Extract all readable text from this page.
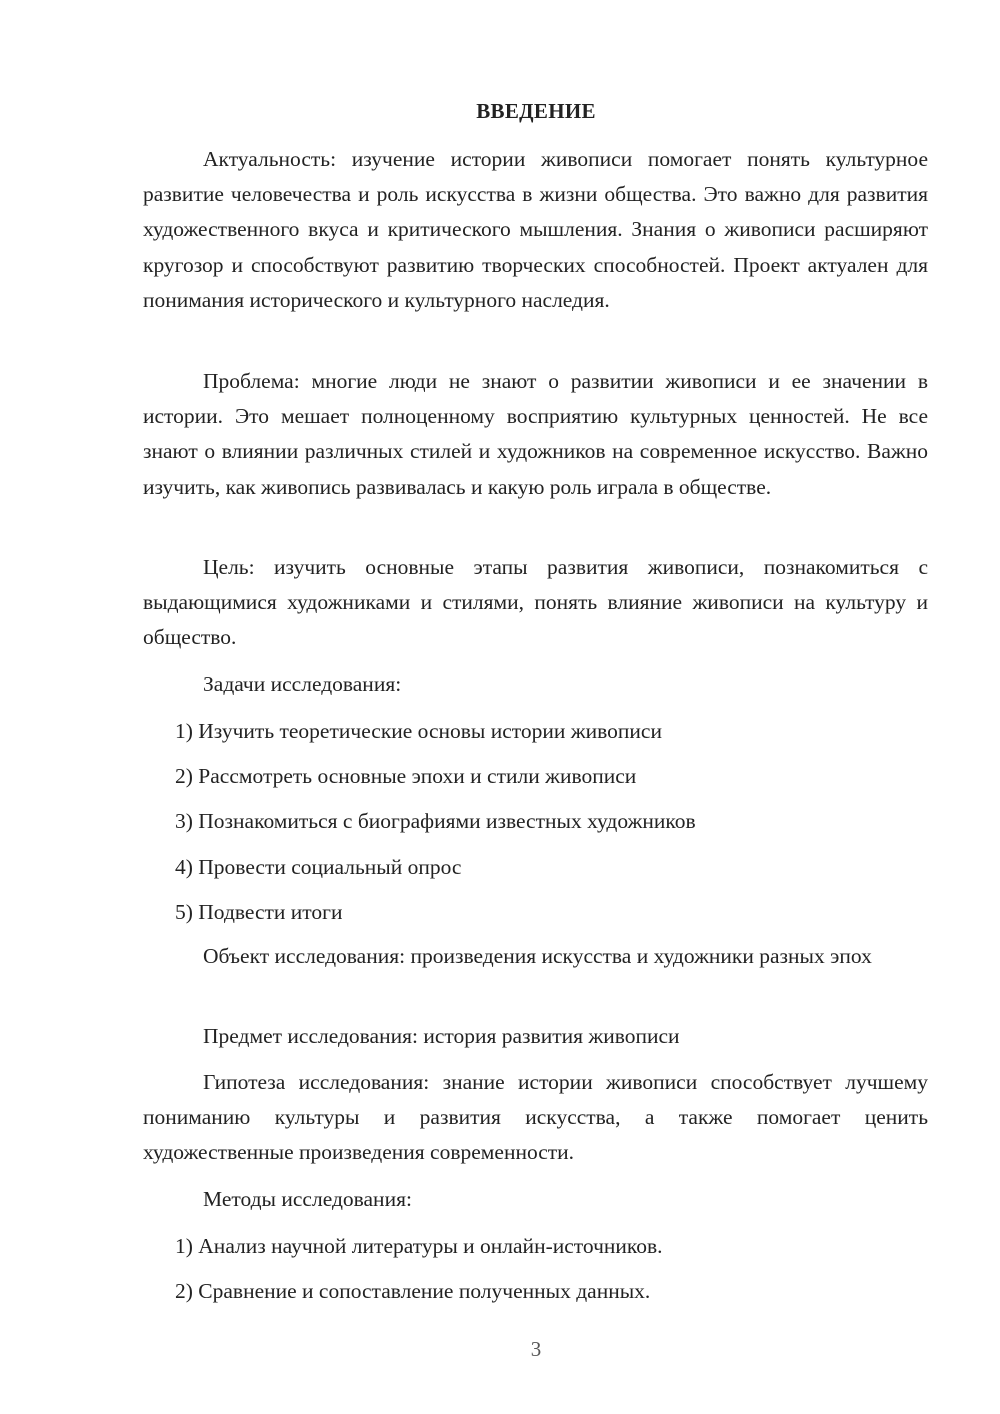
ВВЕДЕНИЕ

Актуальность: изучение истории живописи помогает понять культурное развитие человечества и роль искусства в жизни общества. Это важно для развития художественного вкуса и критического мышления. Знания о живописи расширяют кругозор и способствуют развитию творческих способностей. Проект актуален для понимания исторического и культурного наследия.

Проблема: многие люди не знают о развитии живописи и ее значении в истории. Это мешает полноценному восприятию культурных ценностей. Не все знают о влиянии различных стилей и художников на современное искусство. Важно изучить, как живопись развивалась и какую роль играла в обществе.

Цель: изучить основные этапы развития живописи, познакомиться с выдающимися художниками и стилями, понять влияние живописи на культуру и общество.

Задачи исследования:

1) Изучить теоретические основы истории живописи

2) Рассмотреть основные эпохи и стили живописи

3) Познакомиться с биографиями известных художников

4) Провести социальный опрос

5) Подвести итоги

Объект исследования: произведения искусства и художники разных эпох

Предмет исследования: история развития живописи

Гипотеза исследования: знание истории живописи способствует лучшему пониманию культуры и развития искусства, а также помогает ценить художественные произведения современности.

Методы исследования:

1) Анализ научной литературы и онлайн-источников.

2) Сравнение и сопоставление полученных данных.

3
